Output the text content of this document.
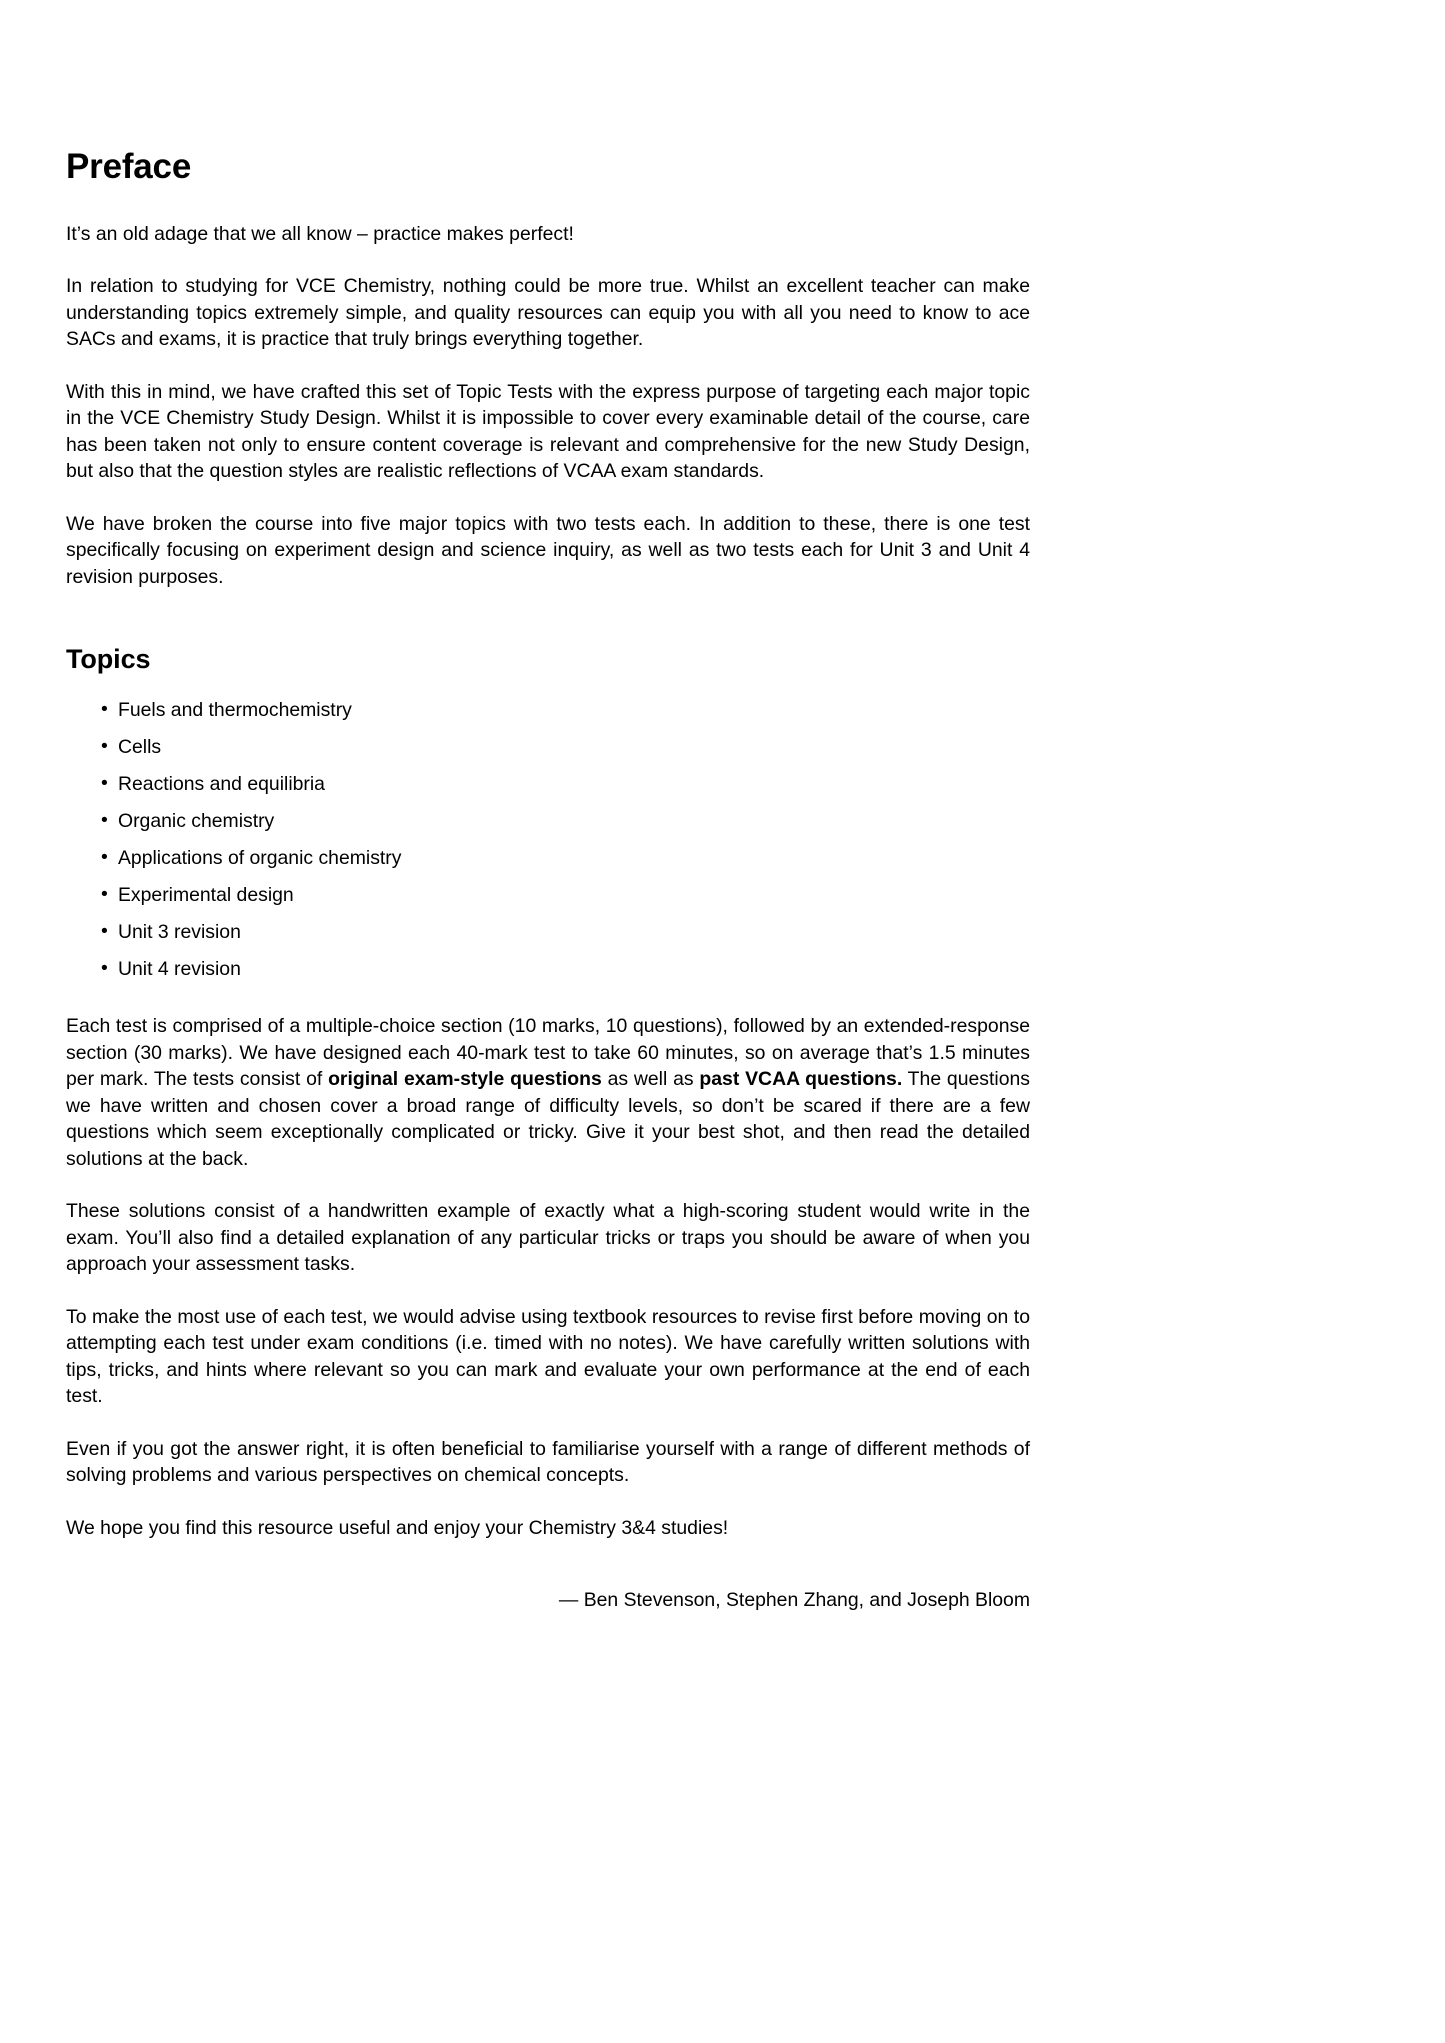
Preface

It’s an old adage that we all know – practice makes perfect!

In relation to studying for VCE Chemistry, nothing could be more true. Whilst an excellent teacher can make understanding topics extremely simple, and quality resources can equip you with all you need to know to ace SACs and exams, it is practice that truly brings everything together.

With this in mind, we have crafted this set of Topic Tests with the express purpose of targeting each major topic in the VCE Chemistry Study Design. Whilst it is impossible to cover every examinable detail of the course, care has been taken not only to ensure content coverage is relevant and comprehensive for the new Study Design, but also that the question styles are realistic reflections of VCAA exam standards.

We have broken the course into five major topics with two tests each. In addition to these, there is one test specifically focusing on experiment design and science inquiry, as well as two tests each for Unit 3 and Unit 4 revision purposes.

Topics
• Fuels and thermochemistry
• Cells
• Reactions and equilibria
• Organic chemistry
• Applications of organic chemistry
• Experimental design
• Unit 3 revision
• Unit 4 revision

Each test is comprised of a multiple-choice section (10 marks, 10 questions), followed by an extended-response section (30 marks). We have designed each 40-mark test to take 60 minutes, so on average that’s 1.5 minutes per mark. The tests consist of original exam-style questions as well as past VCAA questions. The questions we have written and chosen cover a broad range of difficulty levels, so don’t be scared if there are a few questions which seem exceptionally complicated or tricky. Give it your best shot, and then read the detailed solutions at the back.

These solutions consist of a handwritten example of exactly what a high-scoring student would write in the exam. You’ll also find a detailed explanation of any particular tricks or traps you should be aware of when you approach your assessment tasks.

To make the most use of each test, we would advise using textbook resources to revise first before moving on to attempting each test under exam conditions (i.e. timed with no notes). We have carefully written solutions with tips, tricks, and hints where relevant so you can mark and evaluate your own performance at the end of each test.

Even if you got the answer right, it is often beneficial to familiarise yourself with a range of different methods of solving problems and various perspectives on chemical concepts.

We hope you find this resource useful and enjoy your Chemistry 3&4 studies!

— Ben Stevenson, Stephen Zhang, and Joseph Bloom
